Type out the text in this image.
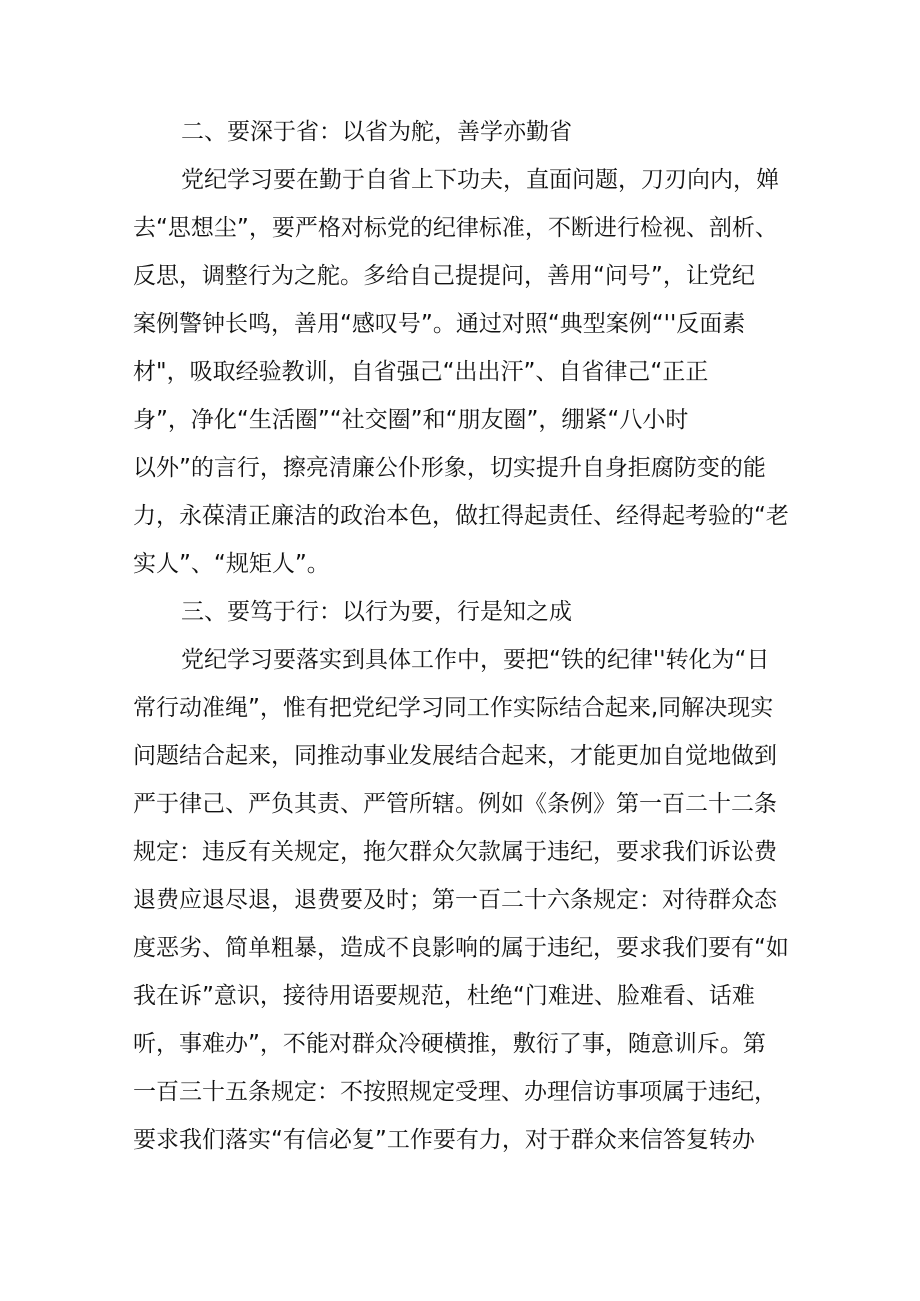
二、要深于省：以省为舵，善学亦勤省
党纪学习要在勤于自省上下功夫，直面问题，刀刃向内，婵
去“思想尘”，要严格对标党的纪律标准，不断进行检视、剖析、
反思，调整行为之舵。多给自己提提问，善用“问号”，让党纪
案例警钟长鸣，善用“感叹号”。通过对照“典型案例“''反面素
材"，吸取经验教训，自省强己“出出汗”、自省律己“正正
身”，净化“生活圈”“社交圈”和“朋友圈”，绷紧“八小时
以外”的言行，擦亮清廉公仆形象，切实提升自身拒腐防变的能
力，永葆清正廉洁的政治本色，做扛得起责任、经得起考验的“老
实人”、“规矩人”。
三、要笃于行：以行为要，行是知之成
党纪学习要落实到具体工作中，要把“铁的纪律''转化为“日
常行动准绳”，惟有把党纪学习同工作实际结合起来,同解决现实
问题结合起来，同推动事业发展结合起来，才能更加自觉地做到
严于律己、严负其责、严管所辖。例如《条例》第一百二十二条
规定：违反有关规定，拖欠群众欠款属于违纪，要求我们诉讼费
退费应退尽退，退费要及时；第一百二十六条规定：对待群众态
度恶劣、简单粗暴，造成不良影响的属于违纪，要求我们要有“如
我在诉”意识，接待用语要规范，杜绝“门难进、脸难看、话难
听，事难办”，不能对群众冷硬横推，敷衍了事，随意训斥。第
一百三十五条规定：不按照规定受理、办理信访事项属于违纪，
要求我们落实“有信必复”工作要有力，对于群众来信答复转办
